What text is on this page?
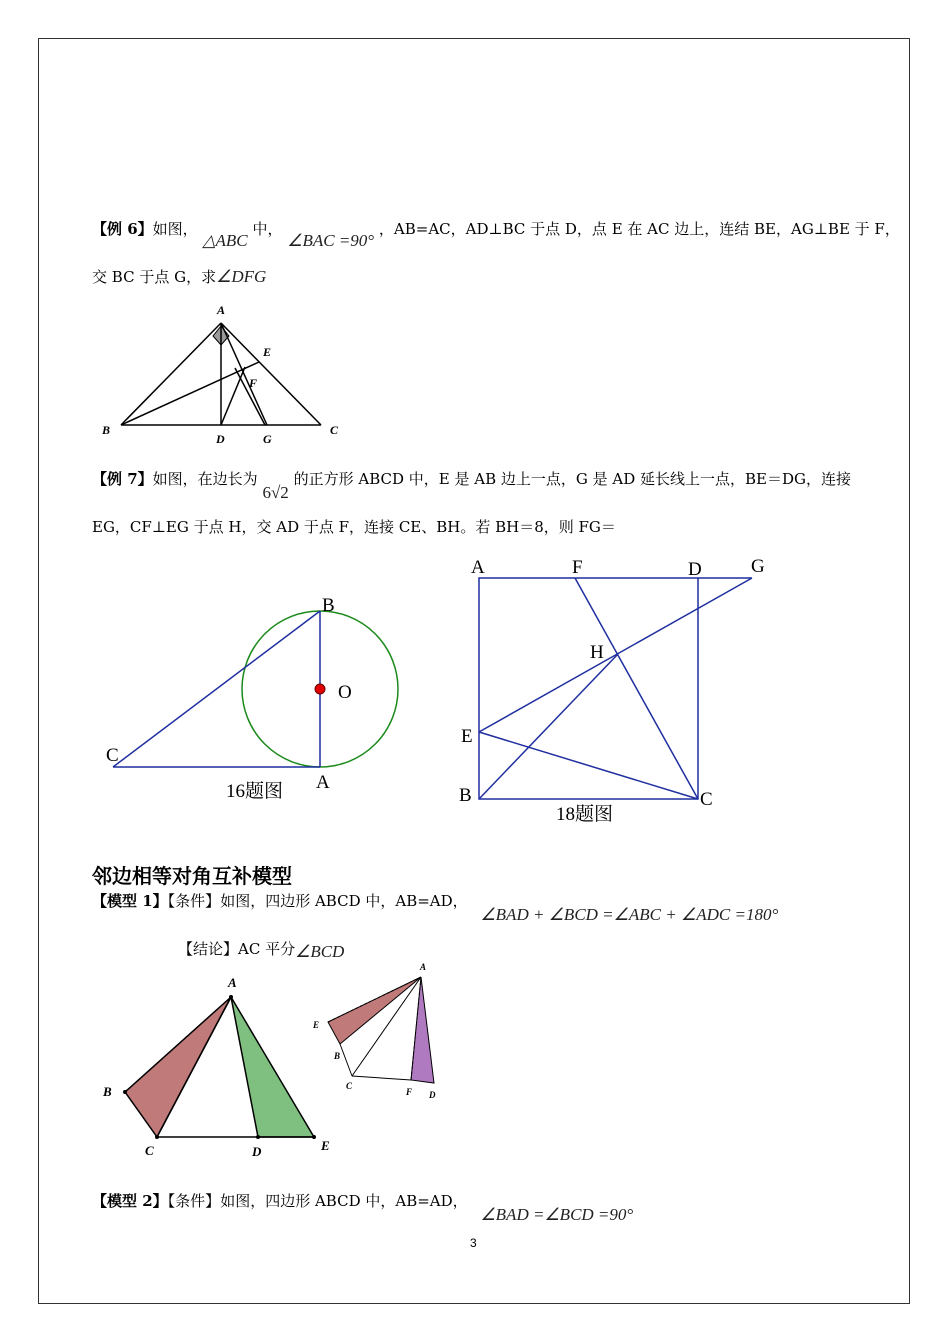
【例 6】如图， △ABC 中， ∠BAC =90° ，AB=AC，AD⊥BC 于点 D，点 E 在 AC 边上，连结 BE，AG⊥BE 于 F，
交 BC 于点 G，求∠DFG
A
B	C
D
E
F
G
【例 7】如图，在边长为 6√2 的正方形 ABCD 中，E 是 AB 边上一点，G 是 AD 延长线上一点，BE＝DG，连接
EG，CF⊥EG 于点 H，交 AD 于点 F，连接 CE、BH。若 BH＝8，则 FG＝
B
O
C
A
16题图
A	F	D	G
H
E
B	C
18题图
邻边相等对角互补模型
【模型 1】【条件】如图，四边形 ABCD 中，AB=AD， ∠BAD + ∠BCD =∠ABC + ∠ADC =180°
【结论】AC 平分∠BCD
A
B
C	D	E
A
E
B
C
F D
【模型 2】【条件】如图，四边形 ABCD 中，AB=AD， ∠BAD =∠BCD =90°
3
